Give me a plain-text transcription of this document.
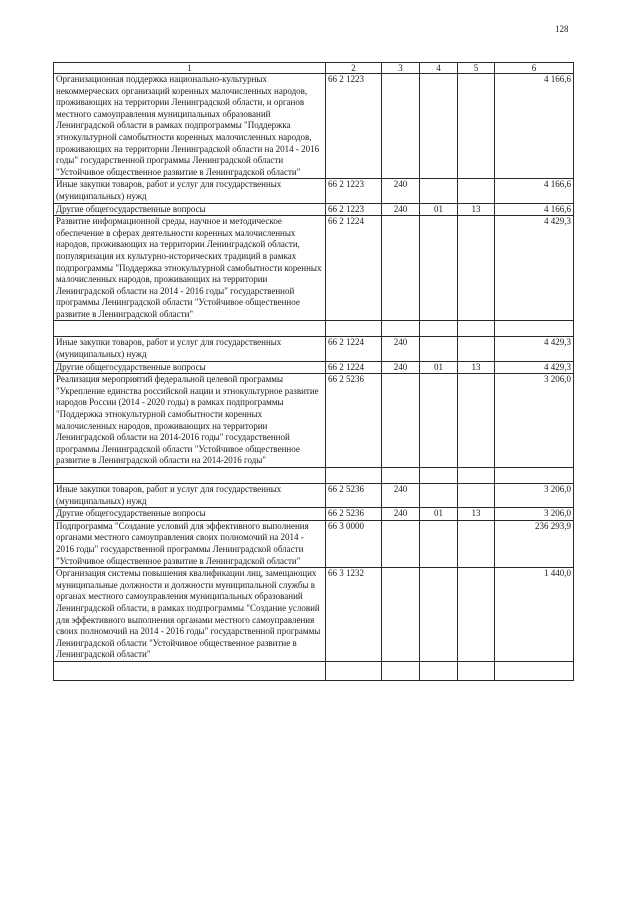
128
1	2	3	4	5	6
Организационная поддержка национально-культурных некоммерческих организаций коренных малочисленных народов, проживающих на территории Ленинградской области, и органов местного самоуправления муниципальных образований Ленинградской области в рамках подпрограммы "Поддержка этнокультурной самобытности коренных малочисленных народов, проживающих на территории Ленинградской области на 2014 - 2016 годы" государственной программы Ленинградской области "Устойчивое общественное развитие в Ленинградской области"	66 2 1223				4 166,6
Иные закупки товаров, работ и услуг для государственных (муниципальных) нужд	66 2 1223	240			4 166,6
Другие общегосударственные вопросы	66 2 1223	240	01	13	4 166,6
Развитие информационной среды, научное и методическое обеспечение в сферах деятельности коренных малочисленных народов, проживающих на территории Ленинградской области, популяризация их культурно-исторических традиций в рамках подпрограммы "Поддержка этнокультурной самобытности коренных малочисленных народов, проживающих на территории Ленинградской области на 2014 - 2016 годы" государственной программы Ленинградской области "Устойчивое общественное развитие в Ленинградской области"	66 2 1224				4 429,3

Иные закупки товаров, работ и услуг для государственных (муниципальных) нужд	66 2 1224	240			4 429,3
Другие общегосударственные вопросы	66 2 1224	240	01	13	4 429,3
Реализация мероприятий федеральной целевой программы "Укрепление единства российской нации и этнокультурное развитие народов России (2014 - 2020 годы) в рамках подпрограммы "Поддержка этнокультурной самобытности коренных малочисленных народов, проживающих на территории Ленинградской области на 2014-2016 годы" государственной программы Ленинградской области "Устойчивое общественное развитие в Ленинградской области на 2014-2016 годы"	66 2 5236				3 206,0

Иные закупки товаров, работ и услуг для государственных (муниципальных) нужд	66 2 5236	240			3 206,0
Другие общегосударственные вопросы	66 2 5236	240	01	13	3 206,0
Подпрограмма "Создание условий для эффективного выполнения органами местного самоуправления своих полномочий на 2014 - 2016 годы" государственной программы Ленинградской области "Устойчивое общественное развитие в Ленинградской области"	66 3 0000				236 293,9
Организация системы повышения квалификации лиц, замещающих муниципальные должности и должности муниципальной службы в органах местного самоуправления муниципальных образований Ленинградской области, в рамках подпрограммы "Создание условий для эффективного выполнения органами местного самоуправления своих полномочий на 2014 - 2016 годы" государственной программы Ленинградской области "Устойчивое общественное развитие в Ленинградской области"	66 3 1232				1 440,0
